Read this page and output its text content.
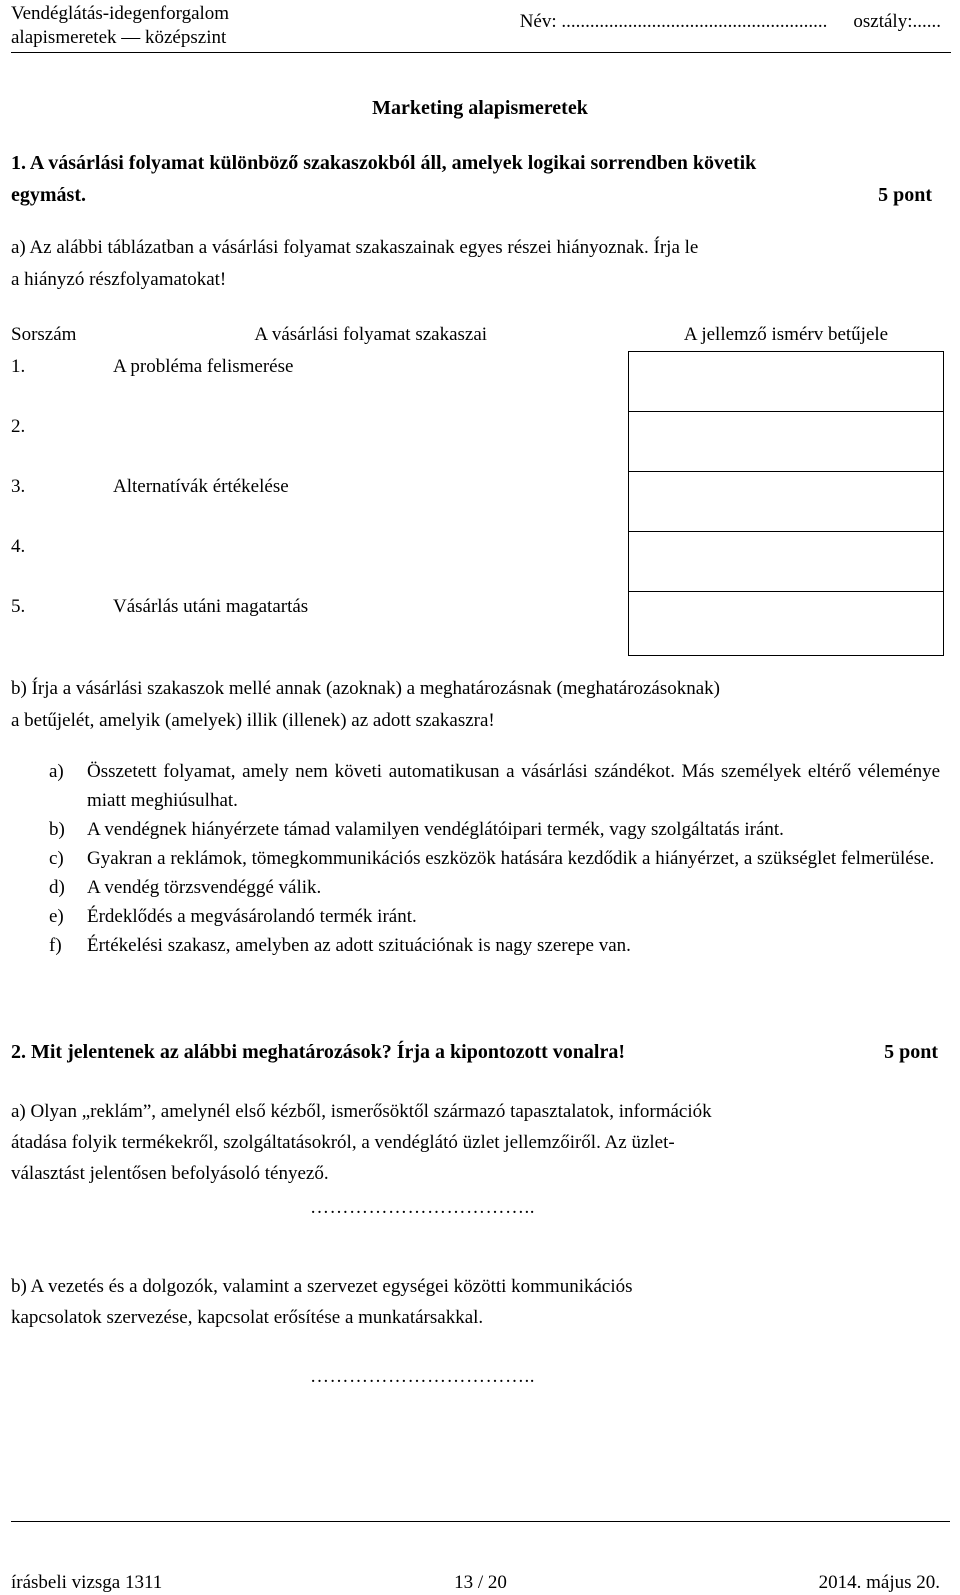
Vendéglátás-idegenforgalom
alapismeretek — középszint
Név: ........................................................ osztály:......
Marketing alapismeretek
1. A vásárlási folyamat különböző szakaszokból áll, amelyek logikai sorrendben követik
egymást.	5 pont
a) Az alábbi táblázatban a vásárlási folyamat szakaszainak egyes részei hiányoznak. Írja le
a hiányzó részfolyamatokat!
Sorszám	A vásárlási folyamat szakaszai	A jellemző ismérv betűjele
1.	A probléma felismerése	
2.		
3.	Alternatívák értékelése	
4.		
5.	Vásárlás utáni magatartás	
b) Írja a vásárlási szakaszok mellé annak (azoknak) a meghatározásnak (meghatározásoknak)
a betűjelét, amelyik (amelyek) illik (illenek) az adott szakaszra!
a) Összetett folyamat, amely nem követi automatikusan a vásárlási szándékot. Más személyek eltérő véleménye miatt meghiúsulhat.
b) A vendégnek hiányérzete támad valamilyen vendéglátóipari termék, vagy szolgáltatás iránt.
c) Gyakran a reklámok, tömegkommunikációs eszközök hatására kezdődik a hiányérzet, a szükséglet felmerülése.
d) A vendég törzsvendéggé válik.
e) Érdeklődés a megvásárolandó termék iránt.
f) Értékelési szakasz, amelyben az adott szituációnak is nagy szerepe van.
2. Mit jelentenek az alábbi meghatározások? Írja a kipontozott vonalra!	5 pont
a) Olyan „reklám”, amelynél első kézből, ismerősöktől származó tapasztalatok, információk
átadása folyik termékekről, szolgáltatásokról, a vendéglátó üzlet jellemzőiről. Az üzlet-
választást jelentősen befolyásoló tényező.
……………………………..
b) A vezetés és a dolgozók, valamint a szervezet egységei közötti kommunikációs
kapcsolatok szervezése, kapcsolat erősítése a munkatársakkal.
……………………………..
13 / 20
írásbeli vizsga 1311	2014. május 20.
